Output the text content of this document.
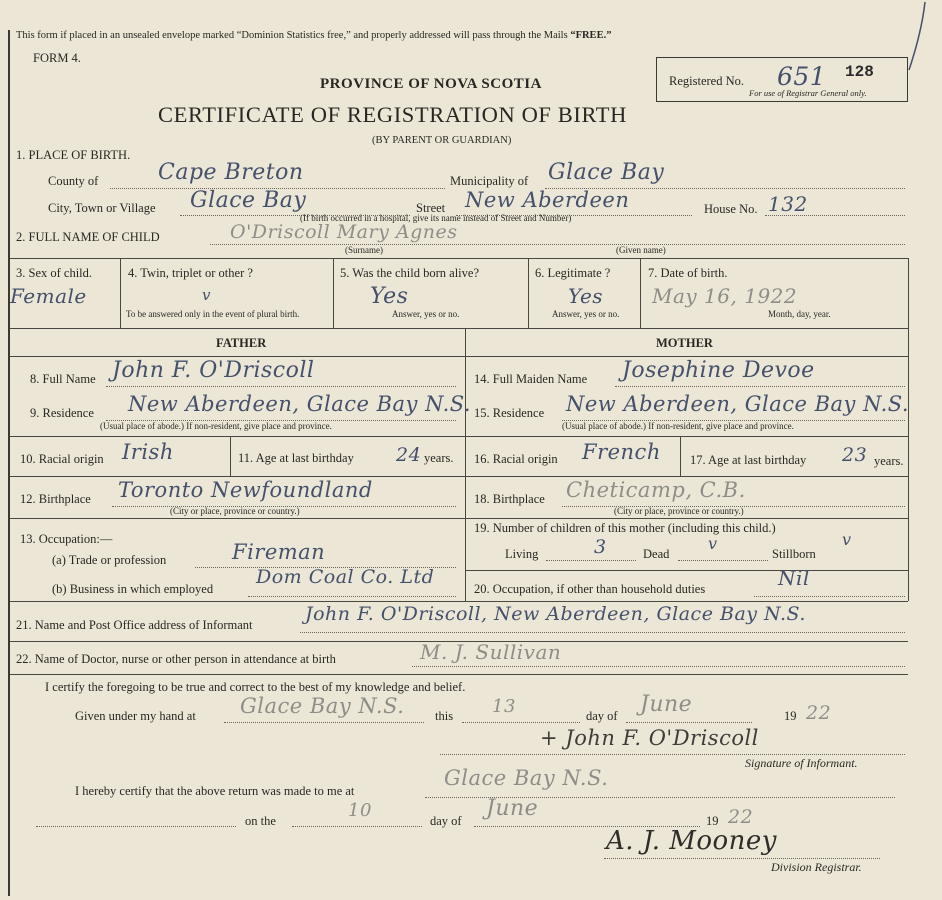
This form if placed in an unsealed envelope marked “Dominion Statistics free,” and properly addressed will pass through the Mails “FREE.”
FORM 4.
PROVINCE OF NOVA SCOTIA
CERTIFICATE OF REGISTRATION OF BIRTH
(BY PARENT OR GUARDIAN)
Registered No. 651 128
For use of Registrar General only.
1. PLACE OF BIRTH.
County of	Cape Breton	Municipality of Glace Bay
City, Town or Village Glace Bay	Street New Aberdeen	House No. 132
(If birth occurred in a hospital, give its name instead of Street and Number)
2. FULL NAME OF CHILD	O'Driscoll Mary Agnes
(Surname)	(Given name)
3. Sex of child.
Female
4. Twin, triplet or other ?
v
To be answered only in the event of plural birth.
5. Was the child born alive?
Yes
Answer, yes or no.
6. Legitimate ?
Yes
Answer, yes or no.
7. Date of birth.
May 16, 1922
Month, day, year.
FATHER	MOTHER
8. Full Name John F. O'Driscoll
9. Residence New Aberdeen, Glace Bay N.S.
(Usual place of abode.) If non-resident, give place and province.
10. Racial origin Irish	11. Age at last birthday 24 years.
12. Birthplace Toronto Newfoundland
(City or place, province or country.)
13. Occupation:—
(a) Trade or profession	Fireman
(b) Business in which employed
Dom Coal Co. Ltd
14. Full Maiden Name Josephine Devoe
15. Residence New Aberdeen, Glace Bay N.S.
(Usual place of abode.) If non-resident, give place and province.
16. Racial origin French 17. Age at last birthday 23 years.
18. Birthplace Cheticamp, C.B.
(City or place, province or country.)
19. Number of children of this mother (including this child.)
Living	3	Dead
v
Stillborn
v
20. Occupation, if other than household duties	Nil
21. Name and Post Office address of Informant	John F. O'Driscoll, New Aberdeen, Glace Bay N.S.
22. Name of Doctor, nurse or other person in attendance at birth	M. J. Sullivan
I certify the foregoing to be true and correct to the best of my knowledge and belief.
Given under my hand at Glace Bay N.S. this 13	day of June	19 22
+ John F. O'Driscoll
Signature of Informant.
I hereby certify that the above return was made to me at
Glace Bay N.S.
on the	10	day of June	19 22
A. J. Mooney
Division Registrar.
